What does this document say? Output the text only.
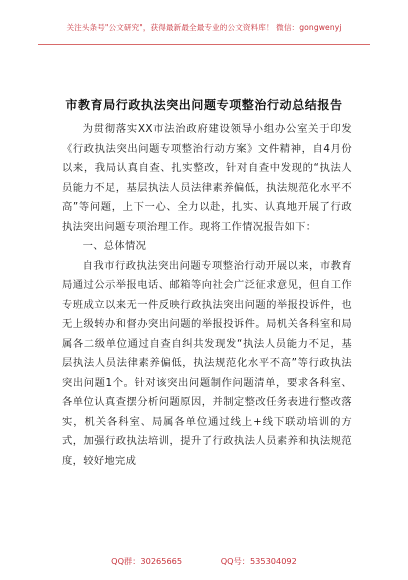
关注头条号"公文研究"，获得最新最全最专业的公文资料库！ 微信：gongwenyj
市教育局行政执法突出问题专项整治行动总结报告

为贯彻落实XX市法治政府建设领导小组办公室关于印发《行政执法突出问题专项整治行动方案》文件精神，自4月份以来，我局认真自查、扎实整改，针对自查中发现的“执法人员能力不足，基层执法人员法律素养偏低，执法规范化水平不高”等问题，上下一心、全力以赴，扎实、认真地开展了行政执法突出问题专项治理工作。现将工作情况报告如下：

一、总体情况

自我市行政执法突出问题专项整治行动开展以来，市教育局通过公示举报电话、邮箱等向社会广泛征求意见，但自工作专班成立以来无一件反映行政执法突出问题的举报投诉件，也无上级转办和督办突出问题的举报投诉件。局机关各科室和局属各二级单位通过自查自纠共发现发“执法人员能力不足，基层执法人员法律素养偏低，执法规范化水平不高”等行政执法突出问题1个。针对该突出问题制作问题清单，要求各科室、各单位认真查摆分析问题原因，并制定整改任务表进行整改落实，机关各科室、局属各单位通过线上+线下联动培训的方式，加强行政执法培训，提升了行政执法人员素养和执法规范度，较好地完成

QQ群：30265665	QQ号：535304092
